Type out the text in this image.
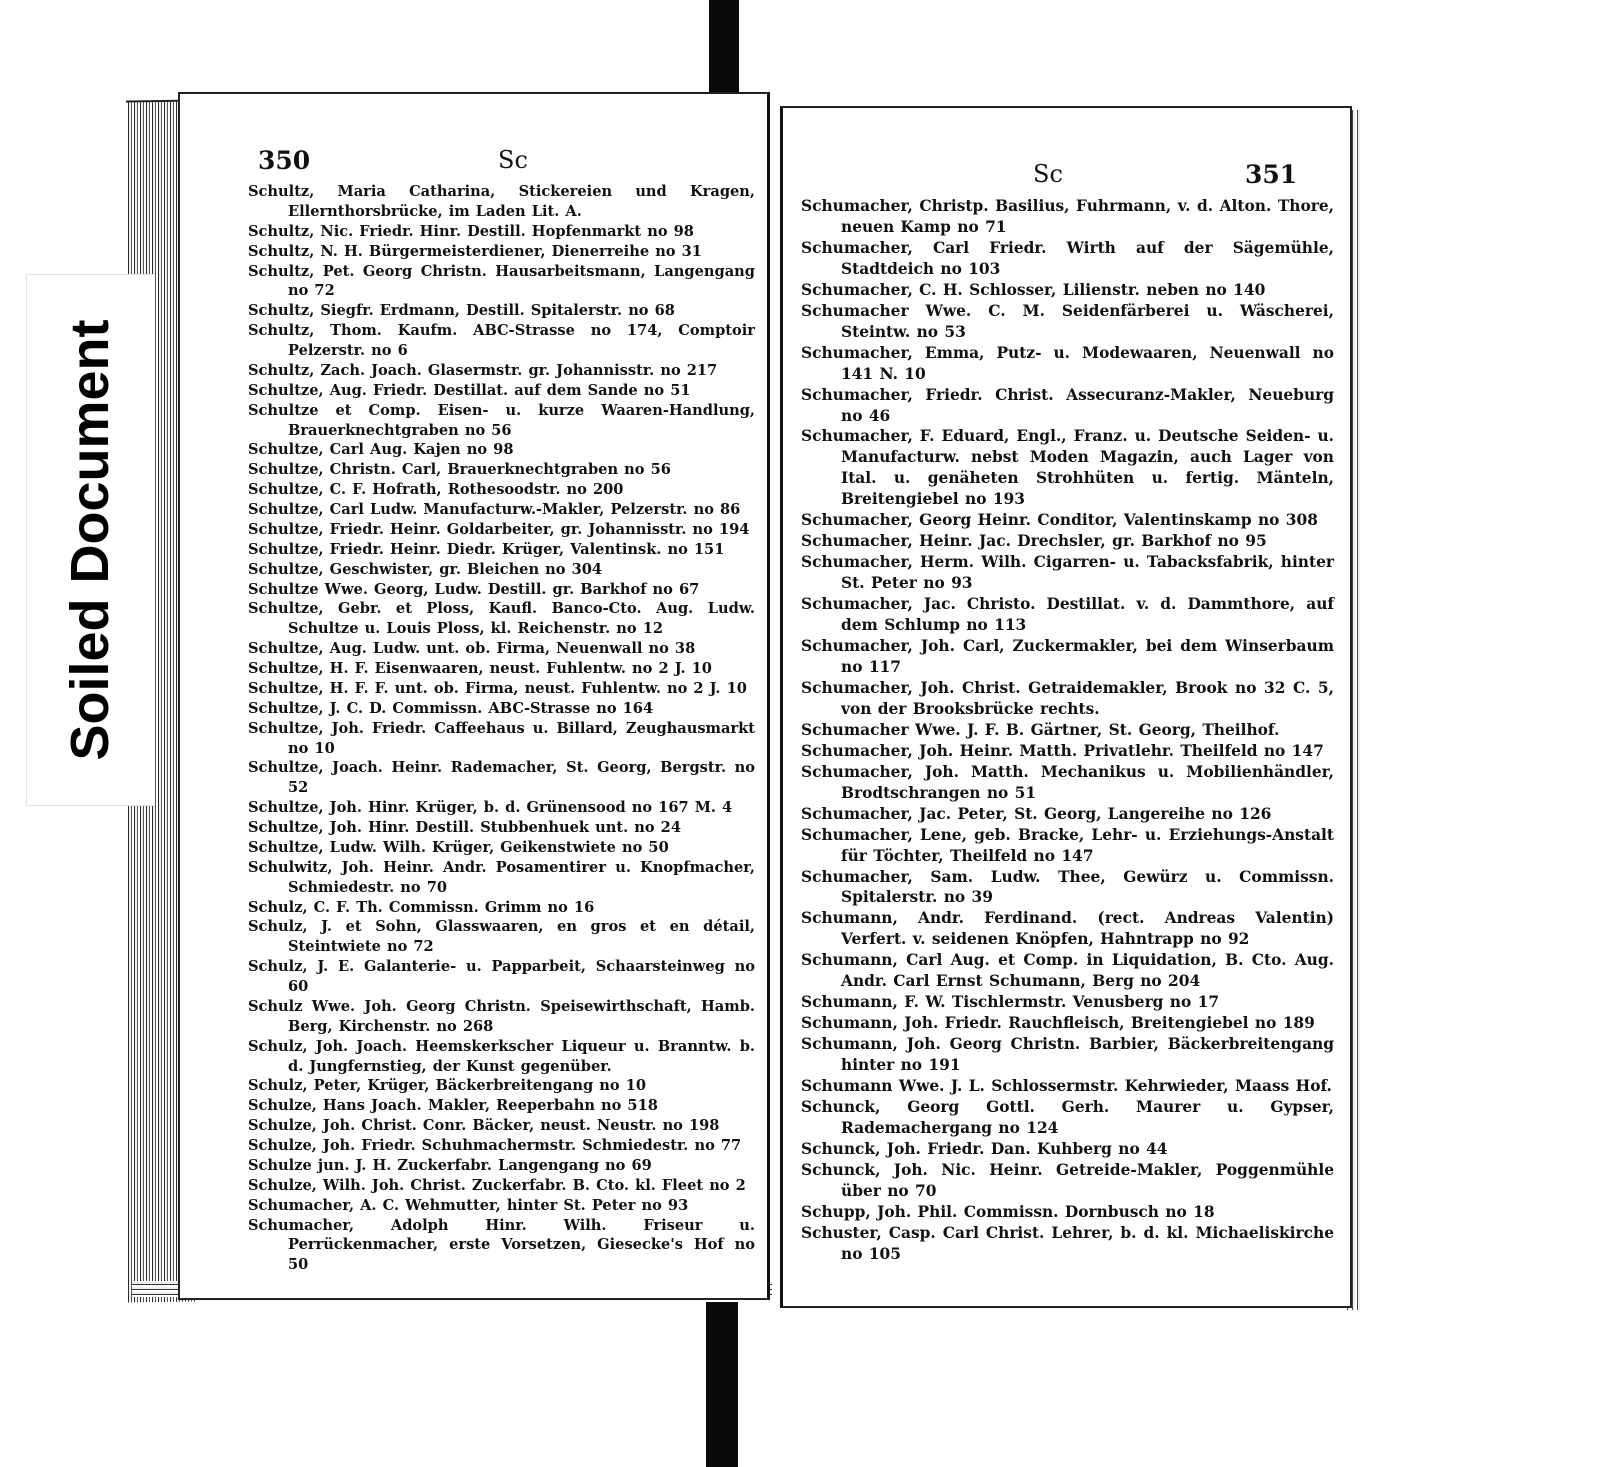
Soiled Document
350	Sc
Schultz, Maria Catharina, Stickereien und Kragen, Ellernthorsbrücke, im Laden Lit. A.
Schultz, Nic. Friedr. Hinr. Destill. Hopfenmarkt no 98
Schultz, N. H. Bürgermeisterdiener, Dienerreihe no 31
Schultz, Pet. Georg Christn. Hausarbeitsmann, Langengang no 72
Schultz, Siegfr. Erdmann, Destill. Spitalerstr. no 68
Schultz, Thom. Kaufm. ABC-Strasse no 174, Comptoir Pelzerstr. no 6
Schultz, Zach. Joach. Glasermstr. gr. Johannisstr. no 217
Schultze, Aug. Friedr. Destillat. auf dem Sande no 51
Schultze et Comp. Eisen- u. kurze Waaren-Handlung, Brauerknechtgraben no 56
Schultze, Carl Aug. Kajen no 98
Schultze, Christn. Carl, Brauerknechtgraben no 56
Schultze, C. F. Hofrath, Rothesoodstr. no 200
Schultze, Carl Ludw. Manufacturw.-Makler, Pelzerstr. no 86
Schultze, Friedr. Heinr. Goldarbeiter, gr. Johannisstr. no 194
Schultze, Friedr. Heinr. Diedr. Krüger, Valentinsk. no 151
Schultze, Geschwister, gr. Bleichen no 304
Schultze Wwe. Georg, Ludw. Destill. gr. Barkhof no 67
Schultze, Gebr. et Ploss, Kaufl. Banco-Cto. Aug. Ludw. Schultze u. Louis Ploss, kl. Reichenstr. no 12
Schultze, Aug. Ludw. unt. ob. Firma, Neuenwall no 38
Schultze, H. F. Eisenwaaren, neust. Fuhlentw. no 2 J. 10
Schultze, H. F. F. unt. ob. Firma, neust. Fuhlentw. no 2 J. 10
Schultze, J. C. D. Commissn. ABC-Strasse no 164
Schultze, Joh. Friedr. Caffeehaus u. Billard, Zeughausmarkt no 10
Schultze, Joach. Heinr. Rademacher, St. Georg, Bergstr. no 52
Schultze, Joh. Hinr. Krüger, b. d. Grünensood no 167 M. 4
Schultze, Joh. Hinr. Destill. Stubbenhuek unt. no 24
Schultze, Ludw. Wilh. Krüger, Geikenstwiete no 50
Schulwitz, Joh. Heinr. Andr. Posamentirer u. Knopfmacher, Schmiedestr. no 70
Schulz, C. F. Th. Commissn. Grimm no 16
Schulz, J. et Sohn, Glasswaaren, en gros et en détail, Steintwiete no 72
Schulz, J. E. Galanterie- u. Papparbeit, Schaarsteinweg no 60
Schulz Wwe. Joh. Georg Christn. Speisewirthschaft, Hamb. Berg, Kirchenstr. no 268
Schulz, Joh. Joach. Heemskerkscher Liqueur u. Branntw. b. d. Jungfernstieg, der Kunst gegenüber.
Schulz, Peter, Krüger, Bäckerbreitengang no 10
Schulze, Hans Joach. Makler, Reeperbahn no 518
Schulze, Joh. Christ. Conr. Bäcker, neust. Neustr. no 198
Schulze, Joh. Friedr. Schuhmachermstr. Schmiedestr. no 77
Schulze jun. J. H. Zuckerfabr. Langengang no 69
Schulze, Wilh. Joh. Christ. Zuckerfabr. B. Cto. kl. Fleet no 2
Schumacher, A. C. Wehmutter, hinter St. Peter no 93
Schumacher, Adolph Hinr. Wilh. Friseur u. Perrückenmacher, erste Vorsetzen, Giesecke's Hof no 50
Sc	351
Schumacher, Christp. Basilius, Fuhrmann, v. d. Alton. Thore, neuen Kamp no 71
Schumacher, Carl Friedr. Wirth auf der Sägemühle, Stadtdeich no 103
Schumacher, C. H. Schlosser, Lilienstr. neben no 140
Schumacher Wwe. C. M. Seidenfärberei u. Wäscherei, Steintw. no 53
Schumacher, Emma, Putz- u. Modewaaren, Neuenwall no 141 N. 10
Schumacher, Friedr. Christ. Assecuranz-Makler, Neueburg no 46
Schumacher, F. Eduard, Engl., Franz. u. Deutsche Seiden- u. Manufacturw. nebst Moden Magazin, auch Lager von Ital. u. genäheten Strohhüten u. fertig. Mänteln, Breitengiebel no 193
Schumacher, Georg Heinr. Conditor, Valentinskamp no 308
Schumacher, Heinr. Jac. Drechsler, gr. Barkhof no 95
Schumacher, Herm. Wilh. Cigarren- u. Tabacksfabrik, hinter St. Peter no 93
Schumacher, Jac. Christo. Destillat. v. d. Dammthore, auf dem Schlump no 113
Schumacher, Joh. Carl, Zuckermakler, bei dem Winserbaum no 117
Schumacher, Joh. Christ. Getraidemakler, Brook no 32 C. 5, von der Brooksbrücke rechts.
Schumacher Wwe. J. F. B. Gärtner, St. Georg, Theilhof.
Schumacher, Joh. Heinr. Matth. Privatlehr. Theilfeld no 147
Schumacher, Joh. Matth. Mechanikus u. Mobilienhändler, Brodtschrangen no 51
Schumacher, Jac. Peter, St. Georg, Langereihe no 126
Schumacher, Lene, geb. Bracke, Lehr- u. Erziehungs-Anstalt für Töchter, Theilfeld no 147
Schumacher, Sam. Ludw. Thee, Gewürz u. Commissn. Spitalerstr. no 39
Schumann, Andr. Ferdinand. (rect. Andreas Valentin) Verfert. v. seidenen Knöpfen, Hahntrapp no 92
Schumann, Carl Aug. et Comp. in Liquidation, B. Cto. Aug. Andr. Carl Ernst Schumann, Berg no 204
Schumann, F. W. Tischlermstr. Venusberg no 17
Schumann, Joh. Friedr. Rauchfleisch, Breitengiebel no 189
Schumann, Joh. Georg Christn. Barbier, Bäckerbreitengang hinter no 191
Schumann Wwe. J. L. Schlossermstr. Kehrwieder, Maass Hof.
Schunck, Georg Gottl. Gerh. Maurer u. Gypser, Rademachergang no 124
Schunck, Joh. Friedr. Dan. Kuhberg no 44
Schunck, Joh. Nic. Heinr. Getreide-Makler, Poggenmühle über no 70
Schupp, Joh. Phil. Commissn. Dornbusch no 18
Schuster, Casp. Carl Christ. Lehrer, b. d. kl. Michaeliskirche no 105
